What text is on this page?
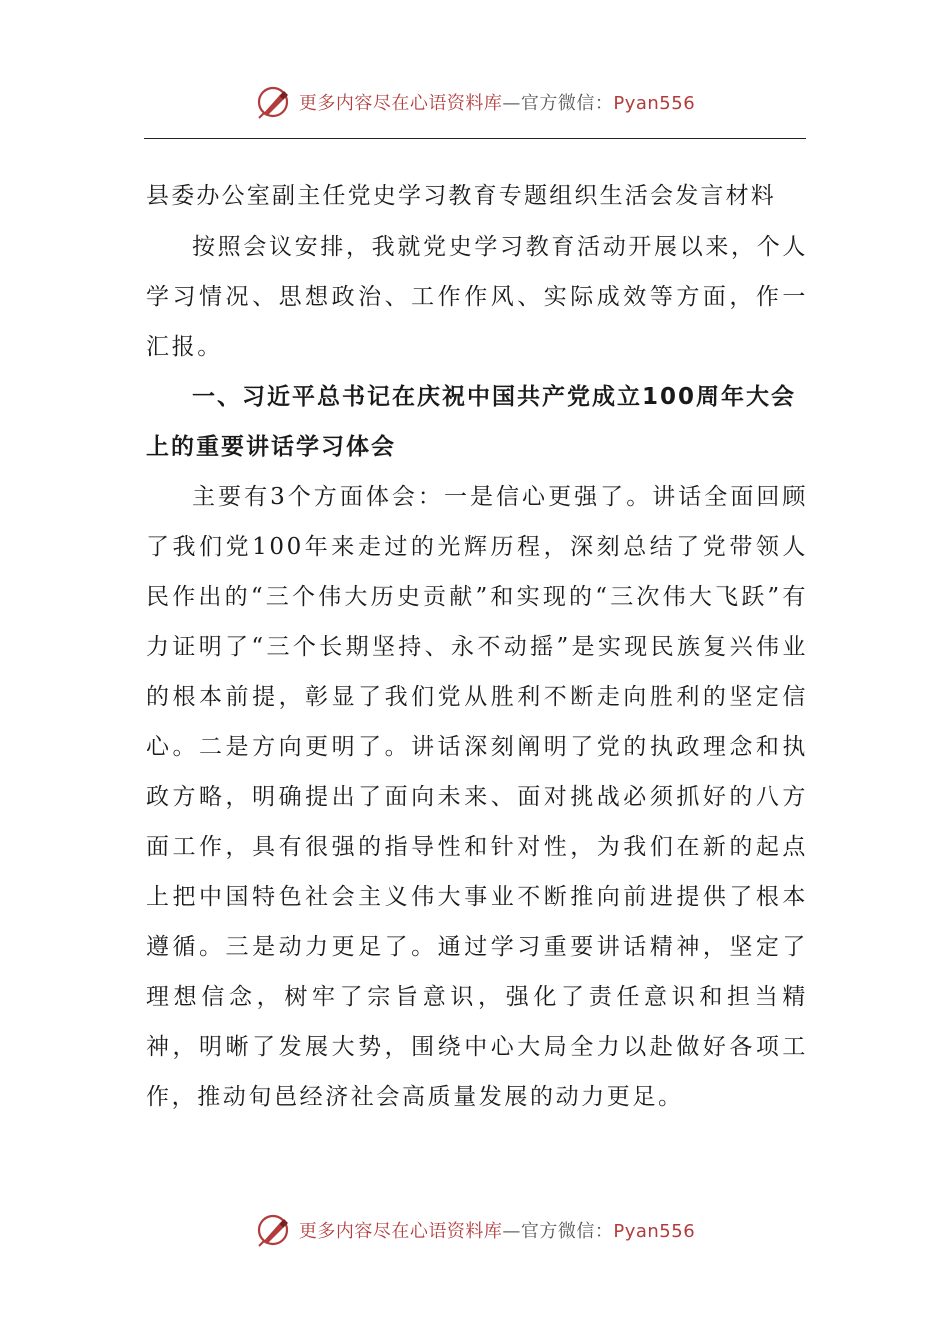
更多内容尽在心语资料库—官方微信：Pyan556

县委办公室副主任党史学习教育专题组织生活会发言材料

按照会议安排，我就党史学习教育活动开展以来，个人学习情况、思想政治、工作作风、实际成效等方面，作一汇报。

一、习近平总书记在庆祝中国共产党成立100周年大会上的重要讲话学习体会

主要有3个方面体会：一是信心更强了。讲话全面回顾了我们党100年来走过的光辉历程，深刻总结了党带领人民作出的“三个伟大历史贡献”和实现的“三次伟大飞跃”有力证明了“三个长期坚持、永不动摇”是实现民族复兴伟业的根本前提，彰显了我们党从胜利不断走向胜利的坚定信心。二是方向更明了。讲话深刻阐明了党的执政理念和执政方略，明确提出了面向未来、面对挑战必须抓好的八方面工作，具有很强的指导性和针对性，为我们在新的起点上把中国特色社会主义伟大事业不断推向前进提供了根本遵循。三是动力更足了。通过学习重要讲话精神，坚定了理想信念，树牢了宗旨意识，强化了责任意识和担当精神，明晰了发展大势，围绕中心大局全力以赴做好各项工作，推动旬邑经济社会高质量发展的动力更足。

更多内容尽在心语资料库—官方微信：Pyan556
